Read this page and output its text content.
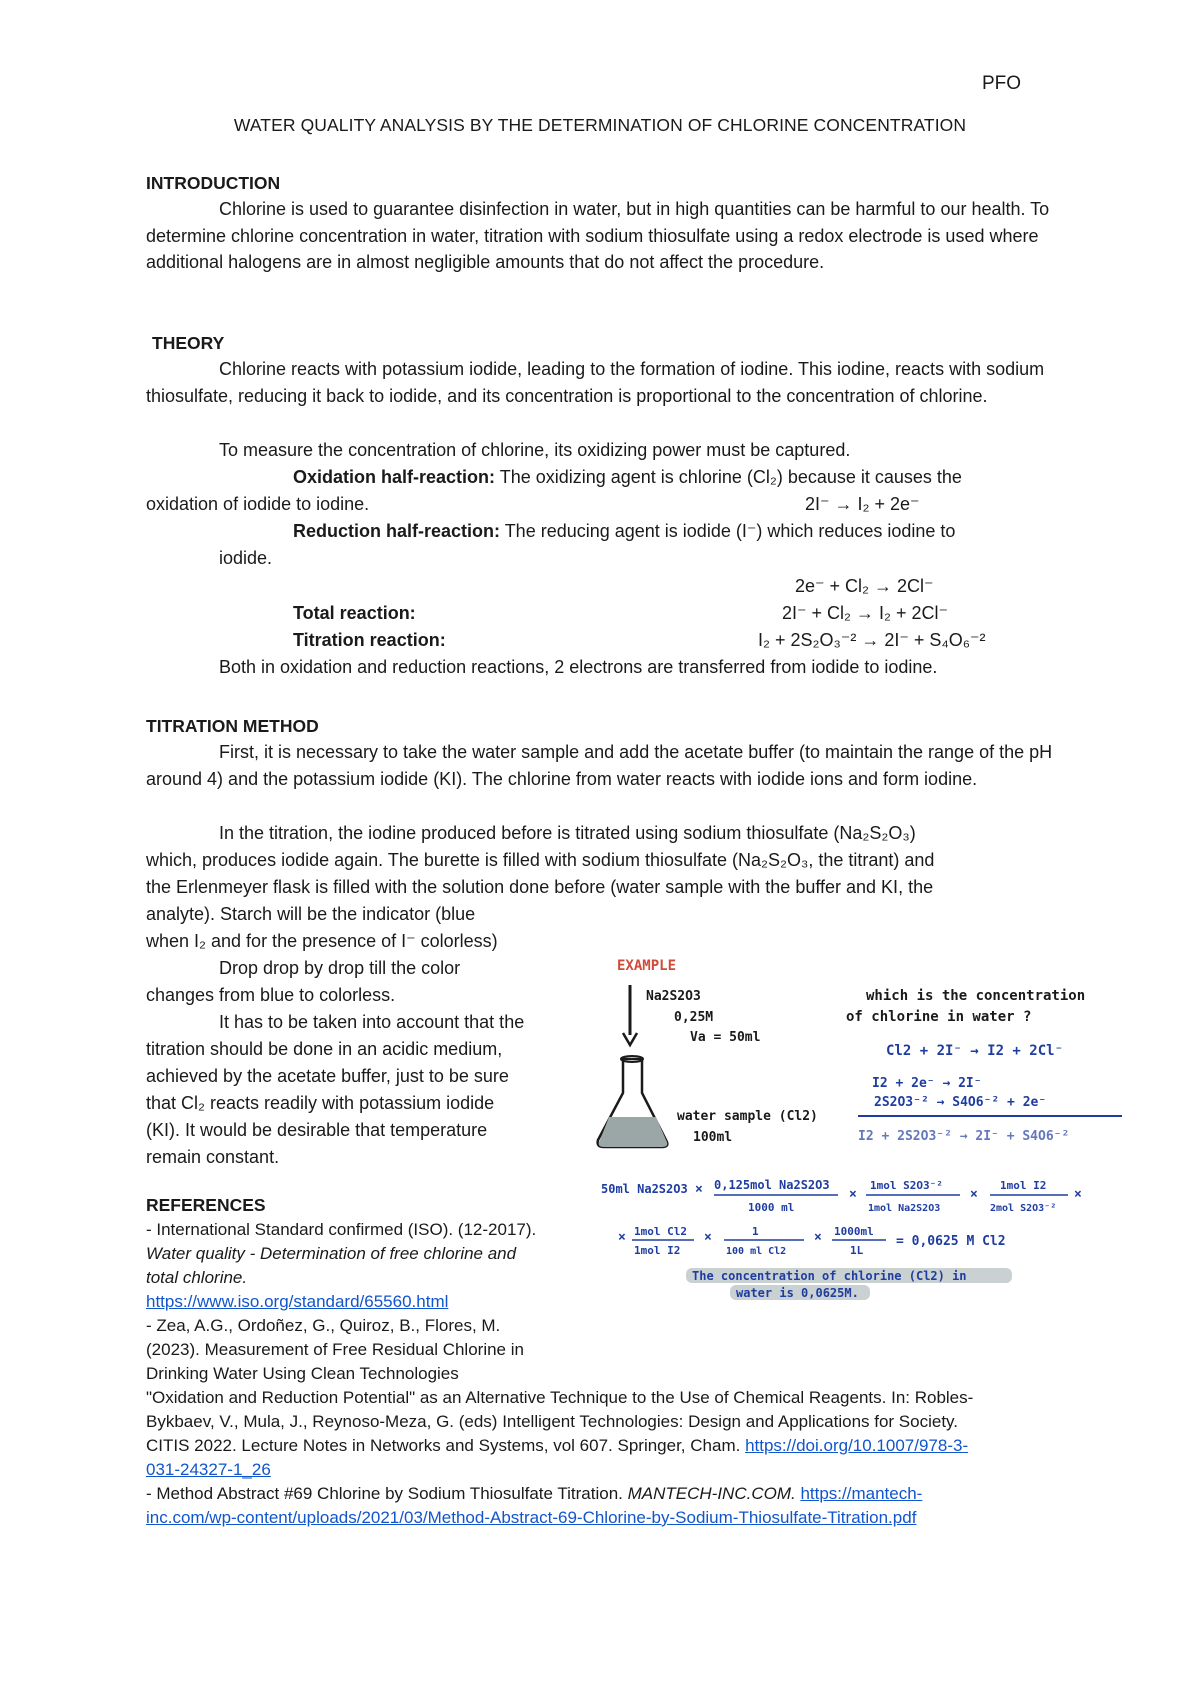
PFO
WATER QUALITY ANALYSIS BY THE DETERMINATION OF CHLORINE CONCENTRATION
INTRODUCTION
Chlorine is used to guarantee disinfection in water, but in high quantities can be harmful to our health. To determine chlorine concentration in water, titration with sodium thiosulfate using a redox electrode is used where additional halogens are in almost negligible amounts that do not affect the procedure.
THEORY
Chlorine reacts with potassium iodide, leading to the formation of iodine. This iodine, reacts with sodium thiosulfate, reducing it back to iodide, and its concentration is proportional to the concentration of chlorine.
To measure the concentration of chlorine, its oxidizing power must be captured.
Oxidation half-reaction: The oxidizing agent is chlorine (Cl₂) because it causes the
oxidation of iodide to iodine.	2I⁻ → I₂ + 2e⁻
Reduction half-reaction: The reducing agent is iodide (I⁻) which reduces iodine to
iodide.
2e⁻ + Cl₂ → 2Cl⁻
Total reaction:	2I⁻ + Cl₂ → I₂ + 2Cl⁻
Titration reaction:	I₂ + 2S₂O₃⁻² → 2I⁻ + S₄O₆⁻²
Both in oxidation and reduction reactions, 2 electrons are transferred from iodide to iodine.
TITRATION METHOD
First, it is necessary to take the water sample and add the acetate buffer (to maintain the range of the pH around 4) and the potassium iodide (KI). The chlorine from water reacts with iodide ions and form iodine.
In the titration, the iodine produced before is titrated using sodium thiosulfate (Na₂S₂O₃)
which, produces iodide again. The burette is filled with sodium thiosulfate (Na₂S₂O₃, the titrant) and
the Erlenmeyer flask is filled with the solution done before (water sample with the buffer and KI, the
analyte). Starch will be the indicator (blue
when I₂ and for the presence of I⁻ colorless)
Drop drop by drop till the color
changes from blue to colorless.
It has to be taken into account that the
titration should be done in an acidic medium,
achieved by the acetate buffer, just to be sure
that Cl₂ reacts readily with potassium iodide
(KI). It would be desirable that temperature
remain constant.
EXAMPLE
Na2S2O3
0,25M
Va = 50ml
water sample (Cl2)
100ml
which is the concentration
of chlorine in water ?
Cl2 + 2I⁻ → I2 + 2Cl⁻
I2 + 2e⁻ → 2I⁻
2S2O3⁻² → S4O6⁻² + 2e⁻
I2 + 2S2O3⁻² → 2I⁻ + S4O6⁻²
50ml Na2S2O3 × 0,125mol Na2S2O3
1000 ml
×
1mol S2O3⁻²
1mol Na2S2O3
×
1mol I2
2mol S2O3⁻²
×
× 1mol Cl2
1mol I2
×	1
100 ml Cl2
× 1000ml
1L
= 0,0625 M Cl2
The concentration of chlorine (Cl2) in
water is 0,0625M.
REFERENCES
- International Standard confirmed (ISO). (12-2017).
Water quality - Determination of free chlorine and
total chlorine.
https://www.iso.org/standard/65560.html
- Zea, A.G., Ordoñez, G., Quiroz, B., Flores, M.
(2023). Measurement of Free Residual Chlorine in
Drinking Water Using Clean Technologies
"Oxidation and Reduction Potential" as an Alternative Technique to the Use of Chemical Reagents. In: Robles-
Bykbaev, V., Mula, J., Reynoso-Meza, G. (eds) Intelligent Technologies: Design and Applications for Society.
CITIS 2022. Lecture Notes in Networks and Systems, vol 607. Springer, Cham. https://doi.org/10.1007/978-3-
031-24327-1_26
- Method Abstract #69 Chlorine by Sodium Thiosulfate Titration. MANTECH-INC.COM. https://mantech-
inc.com/wp-content/uploads/2021/03/Method-Abstract-69-Chlorine-by-Sodium-Thiosulfate-Titration.pdf
